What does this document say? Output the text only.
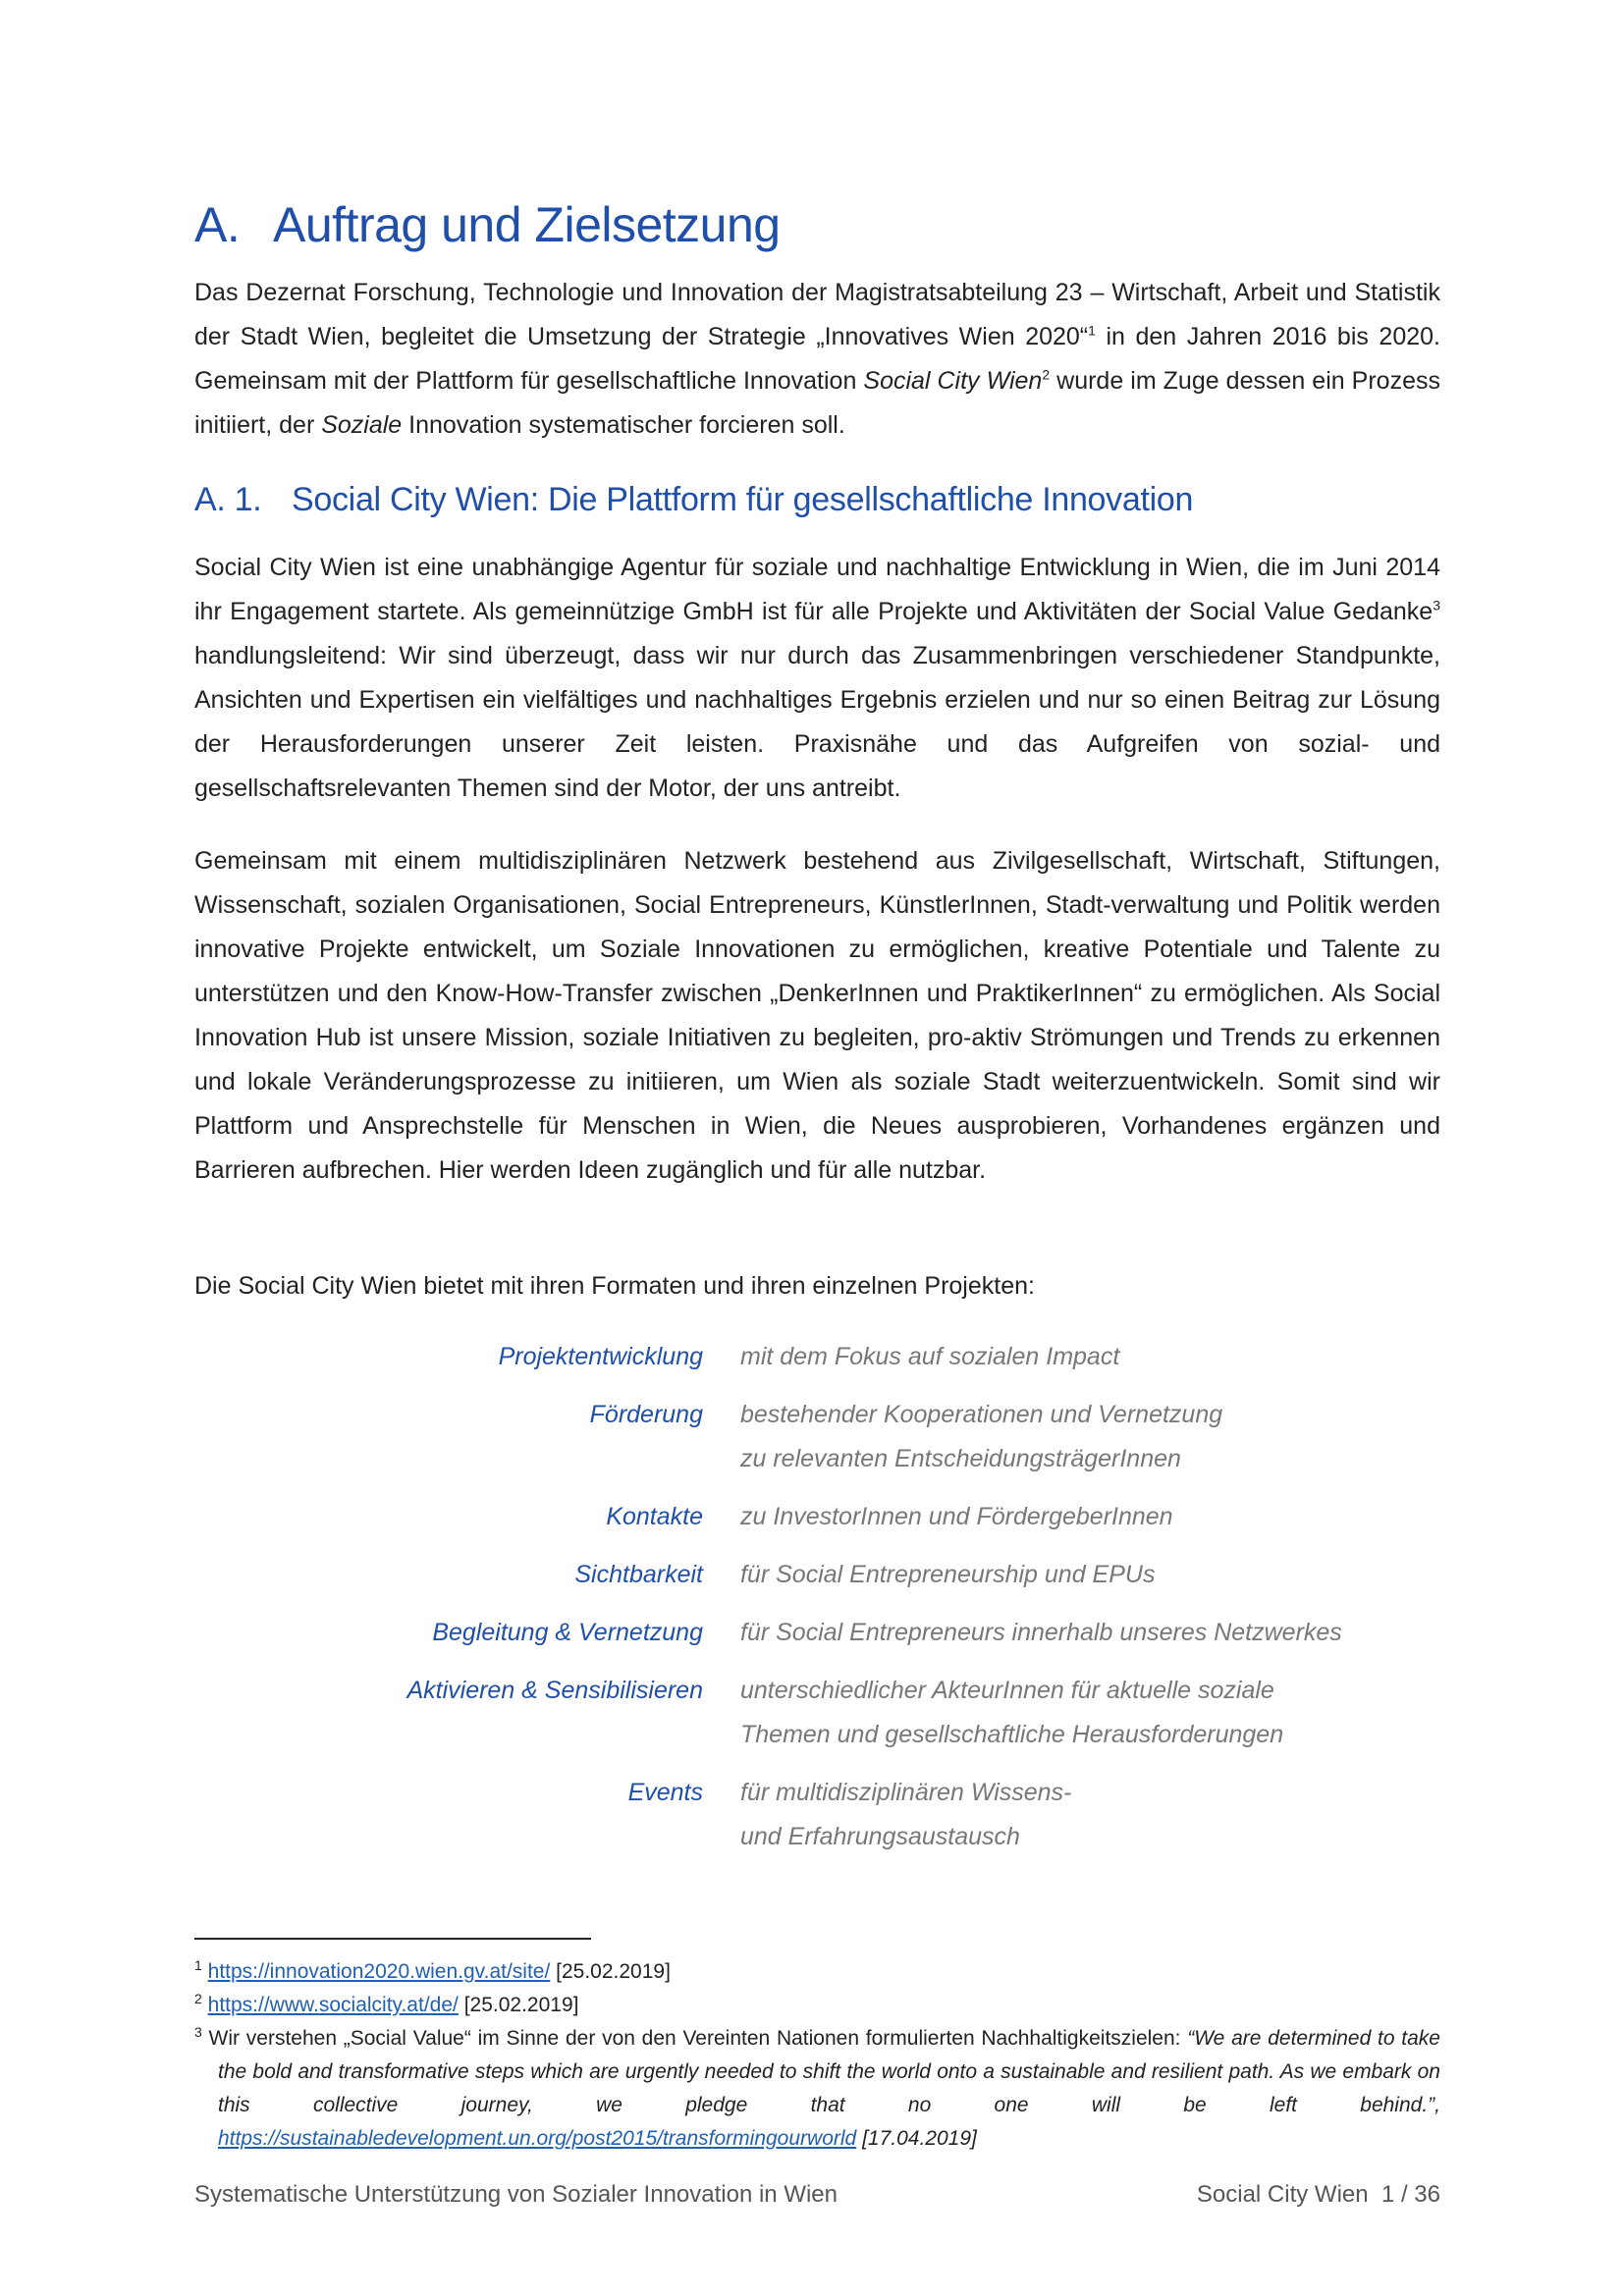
A. Auftrag und Zielsetzung

Das Dezernat Forschung, Technologie und Innovation der Magistratsabteilung 23 – Wirtschaft, Arbeit und Statistik der Stadt Wien, begleitet die Umsetzung der Strategie „Innovatives Wien 2020“$^1$ in den Jahren 2016 bis 2020. Gemeinsam mit der Plattform für gesellschaftliche Innovation Social City Wien$^2$ wurde im Zuge dessen ein Prozess initiiert, der Soziale Innovation systematischer forcieren soll.

A. 1. Social City Wien: Die Plattform für gesellschaftliche Innovation

Social City Wien ist eine unabhängige Agentur für soziale und nachhaltige Entwicklung in Wien, die im Juni 2014 ihr Engagement startete. Als gemeinnützige GmbH ist für alle Projekte und Aktivitäten der Social Value Gedanke$^3$ handlungsleitend: Wir sind überzeugt, dass wir nur durch das Zusammenbringen verschiedener Standpunkte, Ansichten und Expertisen ein vielfältiges und nachhaltiges Ergebnis erzielen und nur so einen Beitrag zur Lösung der Herausforderungen unserer Zeit leisten. Praxisnähe und das Aufgreifen von sozial- und gesellschaftsrelevanten Themen sind der Motor, der uns antreibt.

Gemeinsam mit einem multidisziplinären Netzwerk bestehend aus Zivilgesellschaft, Wirtschaft, Stiftungen, Wissenschaft, sozialen Organisationen, Social Entrepreneurs, KünstlerInnen, Stadt-verwaltung und Politik werden innovative Projekte entwickelt, um Soziale Innovationen zu ermöglichen, kreative Potentiale und Talente zu unterstützen und den Know-How-Transfer zwischen „DenkerInnen und PraktikerInnen“ zu ermöglichen. Als Social Innovation Hub ist unsere Mission, soziale Initiativen zu begleiten, pro-aktiv Strömungen und Trends zu erkennen und lokale Veränderungsprozesse zu initiieren, um Wien als soziale Stadt weiterzuentwickeln. Somit sind wir Plattform und Ansprechstelle für Menschen in Wien, die Neues ausprobieren, Vorhandenes ergänzen und Barrieren aufbrechen. Hier werden Ideen zugänglich und für alle nutzbar.

Die Social City Wien bietet mit ihren Formaten und ihren einzelnen Projekten:

Projektentwicklung	mit dem Fokus auf sozialen Impact
Förderung	bestehender Kooperationen und Vernetzung
zu relevanten EntscheidungsträgerInnen
Kontakte	zu InvestorInnen und FördergeberInnen
Sichtbarkeit	für Social Entrepreneurship und EPUs
Begleitung & Vernetzung	für Social Entrepreneurs innerhalb unseres Netzwerkes
Aktivieren & Sensibilisieren	unterschiedlicher AkteurInnen für aktuelle soziale
Themen und gesellschaftliche Herausforderungen
Events	für multidisziplinären Wissens-
und Erfahrungsaustausch
$^1$ https://innovation2020.wien.gv.at/site/ [25.02.2019]
$^2$ https://www.socialcity.at/de/ [25.02.2019]
$^3$ Wir verstehen „Social Value“ im Sinne der von den Vereinten Nationen formulierten Nachhaltigkeitszielen: “We are determined to take the bold and transformative steps which are urgently needed to shift the world onto a sustainable and resilient path. As we embark on this collective journey, we pledge that no one will be left behind.”, https://sustainabledevelopment.un.org/post2015/transformingourworld [17.04.2019]
Systematische Unterstützung von Sozialer Innovation in Wien	Social City Wien  1 / 36
